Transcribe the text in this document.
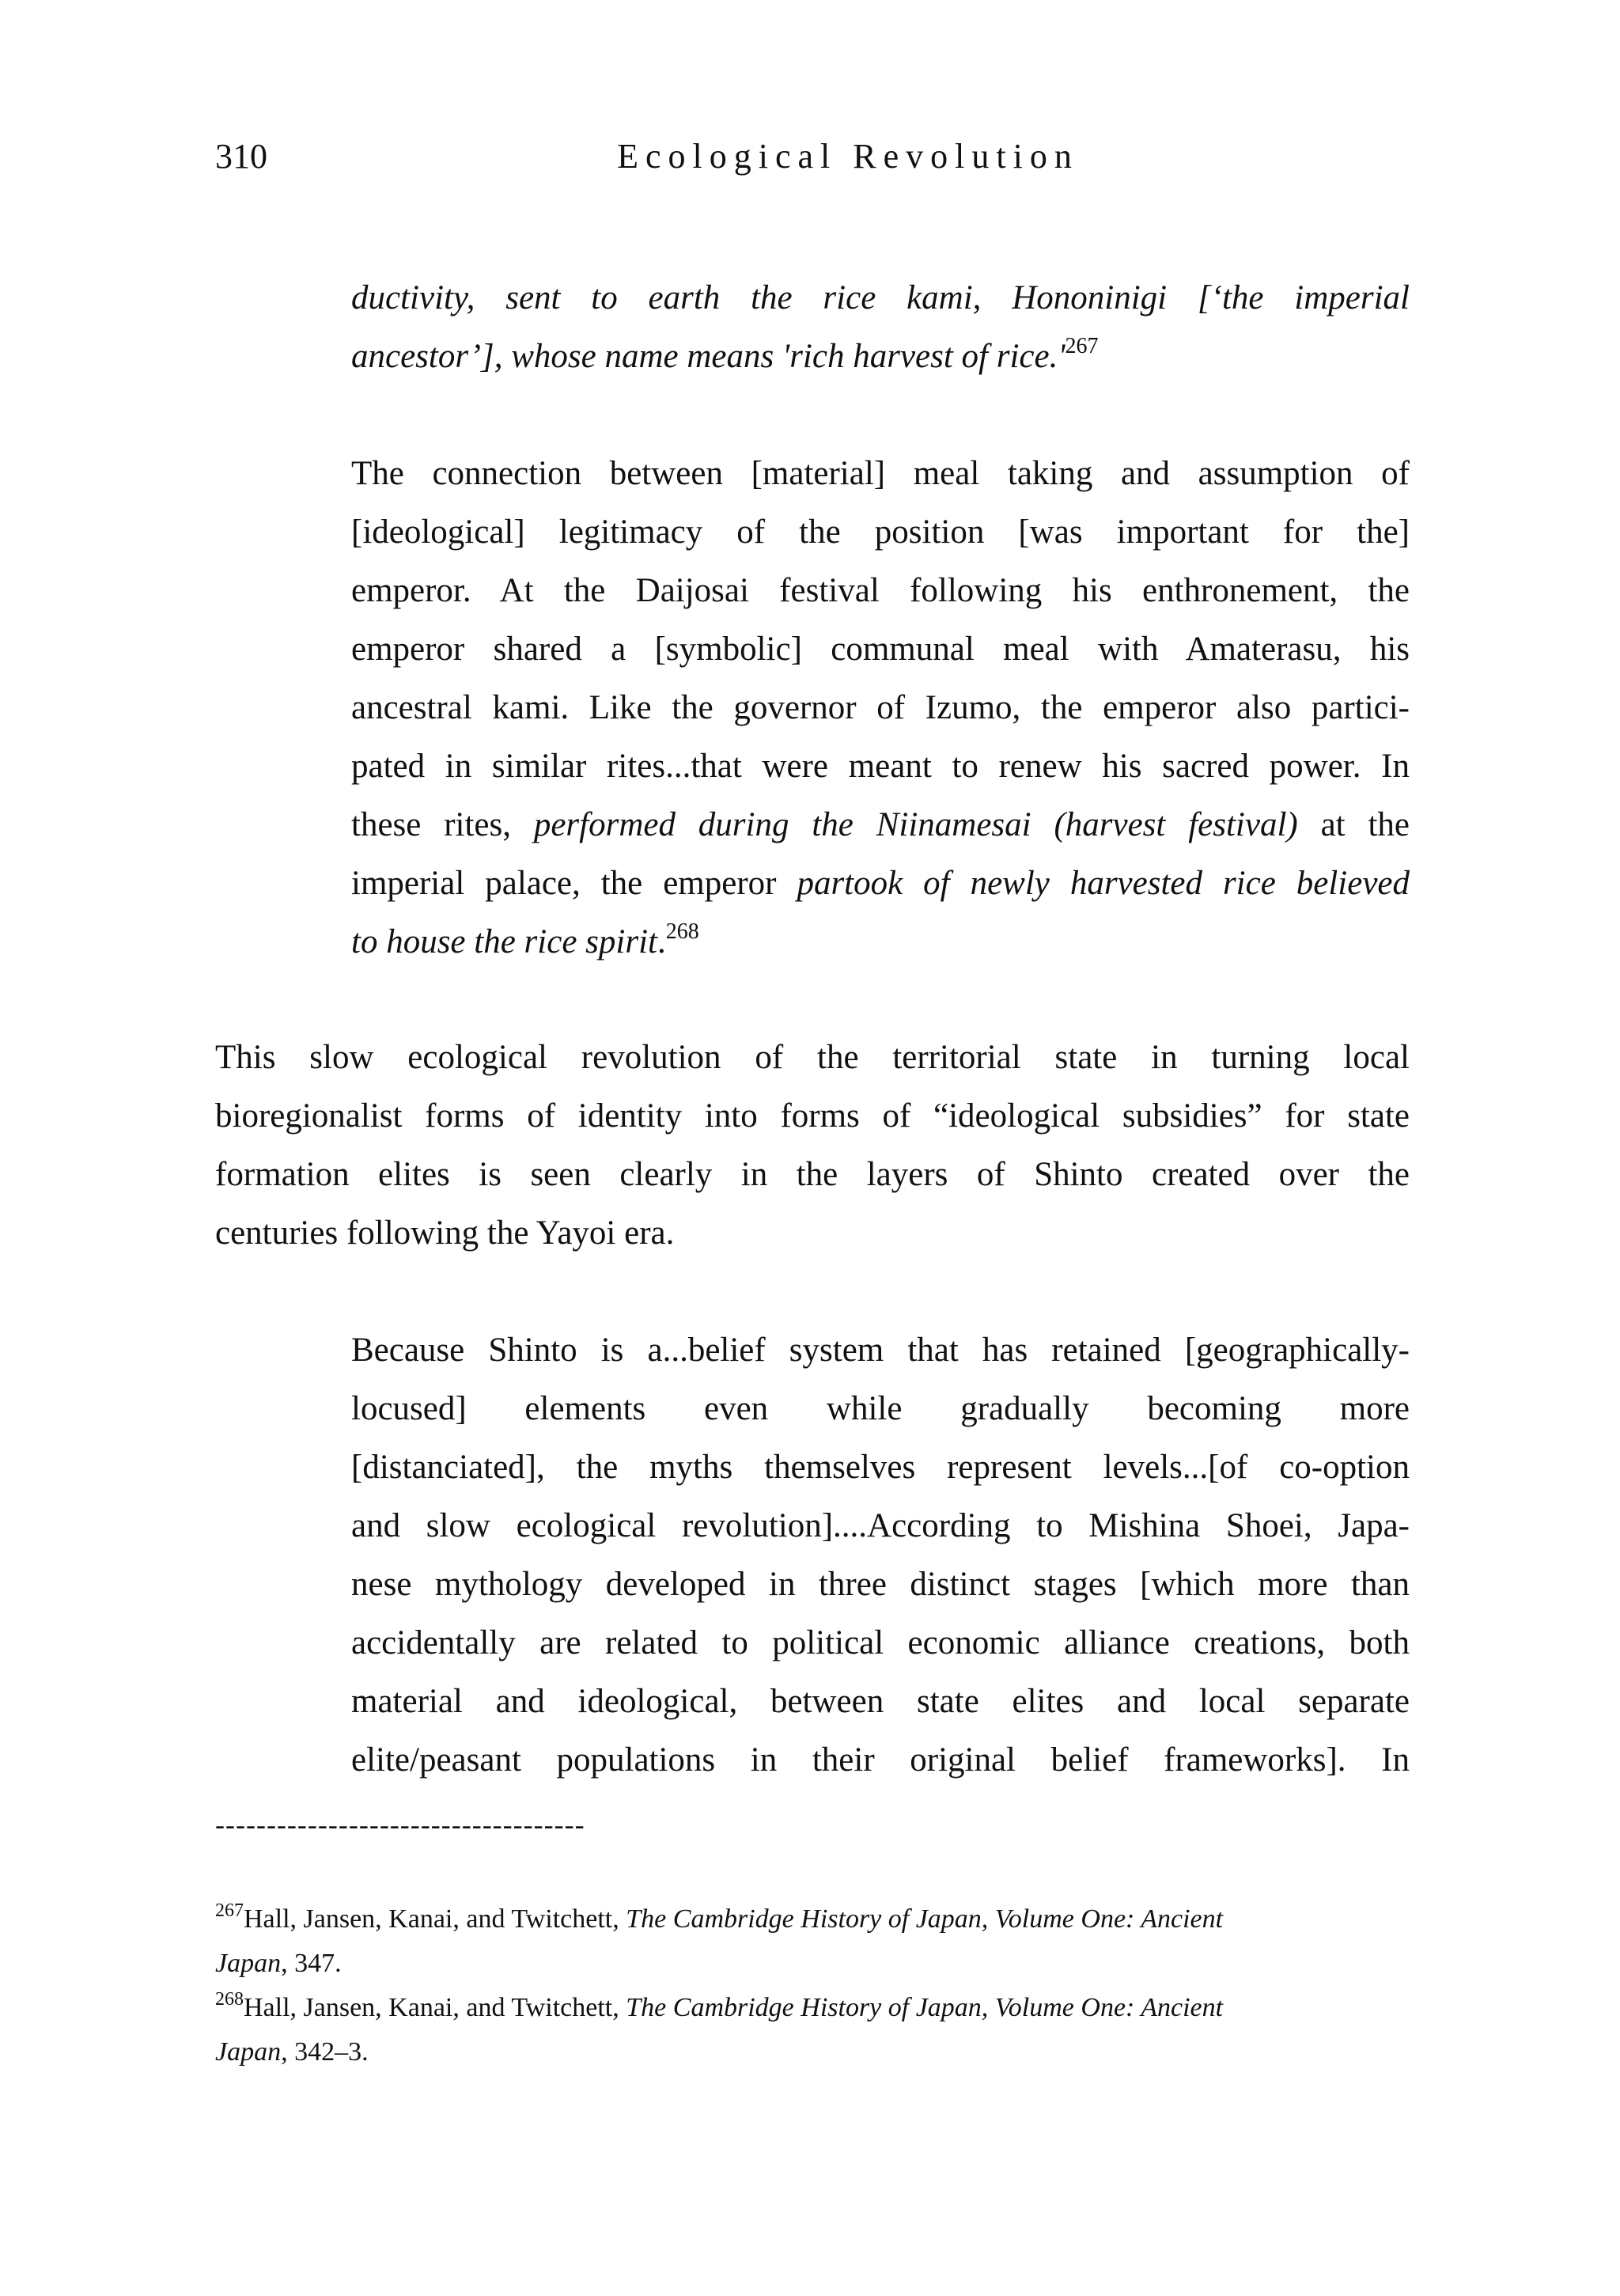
310	Ecological Revolution
ductivity, sent to earth the rice kami, Hononinigi [‘the imperial
ancestor’], whose name means 'rich harvest of $rice.'^{267}$
The connection between [material] meal taking and assumption of
[ideological] legitimacy of the position [was important for the]
emperor. At the Daijosai festival following his enthronement, the
emperor shared a [symbolic] communal meal with Amaterasu, his
ancestral kami. Like the governor of Izumo, the emperor also partici-
pated in similar rites...that were meant to renew his sacred power. In
these rites, performed during the Niinamesai (harvest festival) at the
imperial palace, the emperor partook of newly harvested rice believed
to house the rice spirit.$^{268}$
This slow ecological revolution of the territorial state in turning local
bioregionalist forms of identity into forms of “ideological subsidies” for state
formation elites is seen clearly in the layers of Shinto created over the
centuries following the Yayoi era.
Because Shinto is a...belief system that has retained [geographically-
locused] elements even while gradually becoming more
[distanciated], the myths themselves represent levels...[of co-option
and slow ecological revolution]....According to Mishina Shoei, Japa-
nese mythology developed in three distinct stages [which more than
accidentally are related to political economic alliance creations, both
material and ideological, between state elites and local separate
elite/peasant populations in their original belief frameworks]. In
------------------------------------
$^{267}$Hall, Jansen, Kanai, and Twitchett, The Cambridge History of Japan, Volume One: Ancient
Japan, 347.
$^{268}$Hall, Jansen, Kanai, and Twitchett, The Cambridge History of Japan, Volume One: Ancient
Japan, 342–3.
